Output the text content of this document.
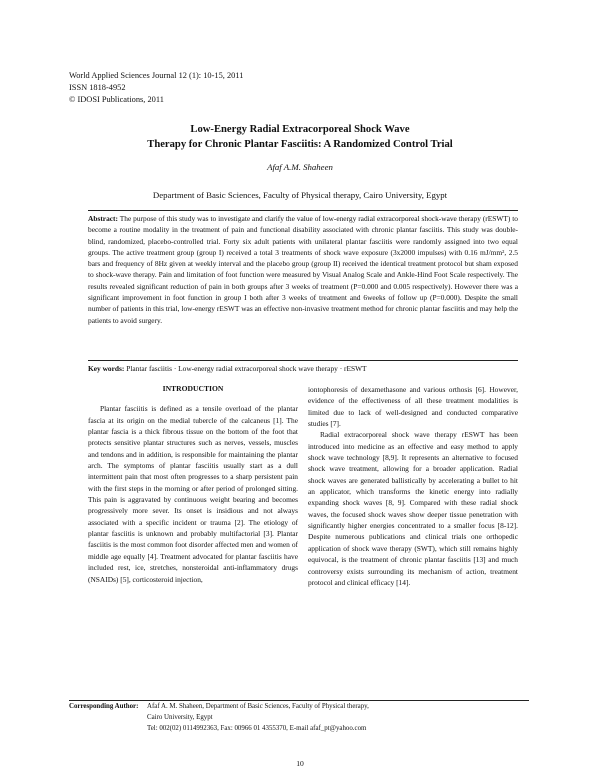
World Applied Sciences Journal 12 (1): 10-15, 2011
ISSN 1818-4952
© IDOSI Publications, 2011
Low-Energy Radial Extracorporeal Shock Wave
Therapy for Chronic Plantar Fasciitis: A Randomized Control Trial
Afaf A.M. Shaheen
Department of Basic Sciences, Faculty of Physical therapy, Cairo University, Egypt
Abstract: The purpose of this study was to investigate and clarify the value of low-energy radial extracorporeal shock-wave therapy (rESWT) to become a routine modality in the treatment of pain and functional disability associated with chronic plantar fasciitis. This study was double-blind, randomized, placebo-controlled trial. Forty six adult patients with unilateral plantar fasciitis were randomly assigned into two equal groups. The active treatment group (group I) received a total 3 treatments of shock wave exposure (3x2000 impulses) with 0.16 mJ/mm², 2.5 bars and frequency of 8Hz given at weekly interval and the placebo group (group II) received the identical treatment protocol but sham exposed to shock-wave therapy. Pain and limitation of foot function were measured by Visual Analog Scale and Ankle-Hind Foot Scale respectively. The results revealed significant reduction of pain in both groups after 3 weeks of treatment (P=0.000 and 0.005 respectively). However there was a significant improvement in foot function in group I both after 3 weeks of treatment and 6weeks of follow up (P=0.000). Despite the small number of patients in this trial, low-energy rESWT was an effective non-invasive treatment method for chronic plantar fasciitis and may help the patients to avoid surgery.
Key words: Plantar fasciitis · Low-energy radial extracorporeal shock wave therapy · rESWT
INTRODUCTION

Plantar fasciitis is defined as a tensile overload of the plantar fascia at its origin on the medial tubercle of the calcaneus [1]. The plantar fascia is a thick fibrous tissue on the bottom of the foot that protects sensitive plantar structures such as nerves, vessels, muscles and tendons and in addition, is responsible for maintaining the plantar arch. The symptoms of plantar fasciitis usually start as a dull intermittent pain that most often progresses to a sharp persistent pain with the first steps in the morning or after period of prolonged sitting. This pain is aggravated by continuous weight bearing and becomes progressively more sever. Its onset is insidious and not always associated with a specific incident or trauma [2]. The etiology of plantar fasciitis is unknown and probably multifactorial [3]. Plantar fasciitis is the most common foot disorder affected men and women of middle age equally [4]. Treatment advocated for plantar fasciitis have included rest, ice, stretches, nonsteroidal anti-inflammatory drugs (NSAIDs) [5], corticosteroid injection,

iontophoresis of dexamethasone and various orthosis [6]. However, evidence of the effectiveness of all these treatment modalities is limited due to lack of well-designed and conducted comparative studies [7].

Radial extracorporeal shock wave therapy rESWT has been introduced into medicine as an effective and easy method to apply shock wave technology [8,9]. It represents an alternative to focused shock wave treatment, allowing for a broader application. Radial shock waves are generated ballistically by accelerating a bullet to hit an applicator, which transforms the kinetic energy into radially expanding shock waves [8, 9]. Compared with these radial shock waves, the focused shock waves show deeper tissue penetration with significantly higher energies concentrated to a smaller focus [8-12]. Despite numerous publications and clinical trials one orthopedic application of shock wave therapy (SWT), which still remains highly equivocal, is the treatment of chronic plantar fasciitis [13] and much controversy exists surrounding its mechanism of action, treatment protocol and clinical efficacy [14].

Corresponding Author: Afaf A. M. Shaheen, Department of Basic Sciences, Faculty of Physical therapy,
Cairo University, Egypt
Tel: 002(02) 0114992363, Fax: 00966 01 4355370, E-mail afaf_pt@yahoo.com
10
